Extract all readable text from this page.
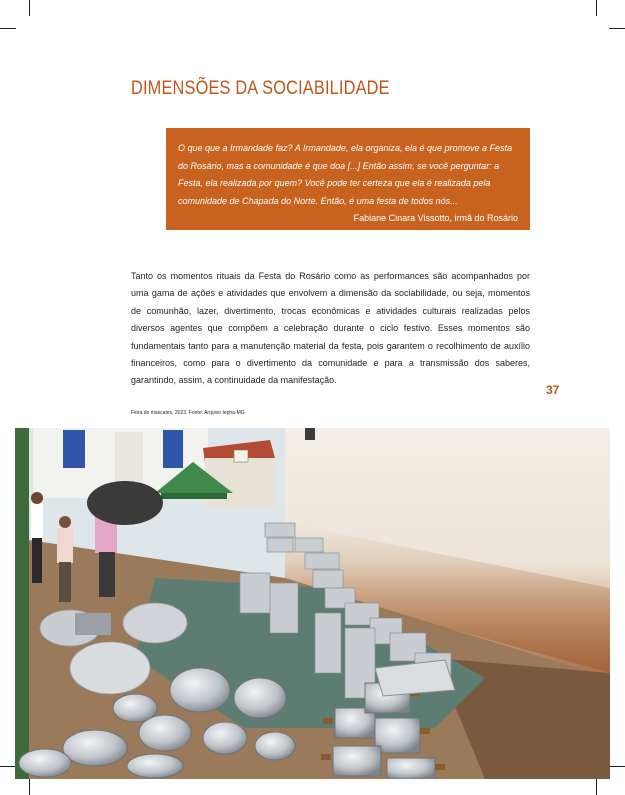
DIMENSÕES DA SOCIABILIDADE

O que que a Irmandade faz? A Irmandade, ela organiza, ela é que promove a Festa do Rosário, mas a comunidade é que doa [...] Então assim, se você perguntar: a Festa, ela realizada por quem? Você pode ter certeza que ela é realizada pela comunidade de Chapada do Norte. Então, é uma festa de todos nós...

Fabiane Cinara Vissotto, irmã do Rosário

Tanto os momentos rituais da Festa do Rosário como as performances são acompanhados por uma gama de ações e atividades que envolvem a dimensão da sociabilidade, ou seja, momentos de comunhão, lazer, divertimento, trocas econômicas e atividades culturais realizadas pelos diversos agentes que compõem a celebração durante o ciclo festivo. Esses momentos são fundamentais tanto para a manutenção material da festa, pois garantem o recolhimento de auxílio financeiros, como para o divertimento da comunidade e para a transmissão dos saberes, garantindo, assim, a continuidade da manifestação.

37
Feira de mascates, 2023. Fonte: Arquivo Iepha-MG
